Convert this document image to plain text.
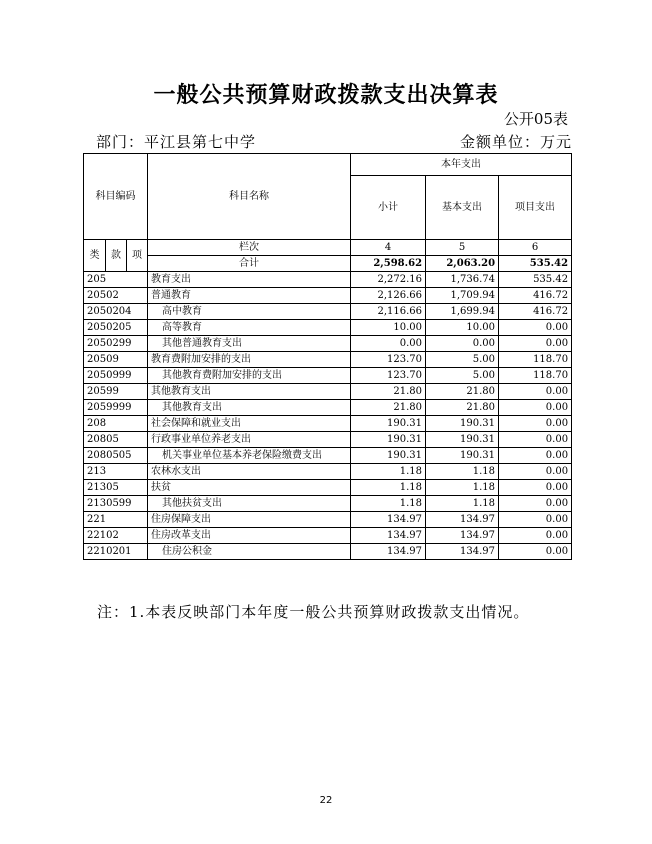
一般公共预算财政拨款支出决算表
公开05表
部门：平江县第七中学	金额单位：万元
科目编码			科目名称	本年支出		
				小计	基本支出	项目支出
类	款	项	栏次	4	5	6
			合计	2,598.62	2,063.20	535.42
205			教育支出	2,272.16	1,736.74	535.42
20502			普通教育	2,126.66	1,709.94	416.72
2050204			高中教育	2,116.66	1,699.94	416.72
2050205			高等教育	10.00	10.00	0.00
2050299			其他普通教育支出	0.00	0.00	0.00
20509			教育费附加安排的支出	123.70	5.00	118.70
2050999			其他教育费附加安排的支出	123.70	5.00	118.70
20599			其他教育支出	21.80	21.80	0.00
2059999			其他教育支出	21.80	21.80	0.00
208			社会保障和就业支出	190.31	190.31	0.00
20805			行政事业单位养老支出	190.31	190.31	0.00
2080505			机关事业单位基本养老保险缴费支出	190.31	190.31	0.00
213			农林水支出	1.18	1.18	0.00
21305			扶贫	1.18	1.18	0.00
2130599			其他扶贫支出	1.18	1.18	0.00
221			住房保障支出	134.97	134.97	0.00
22102			住房改革支出	134.97	134.97	0.00
2210201			住房公积金	134.97	134.97	0.00
注：1.本表反映部门本年度一般公共预算财政拨款支出情况。
22
